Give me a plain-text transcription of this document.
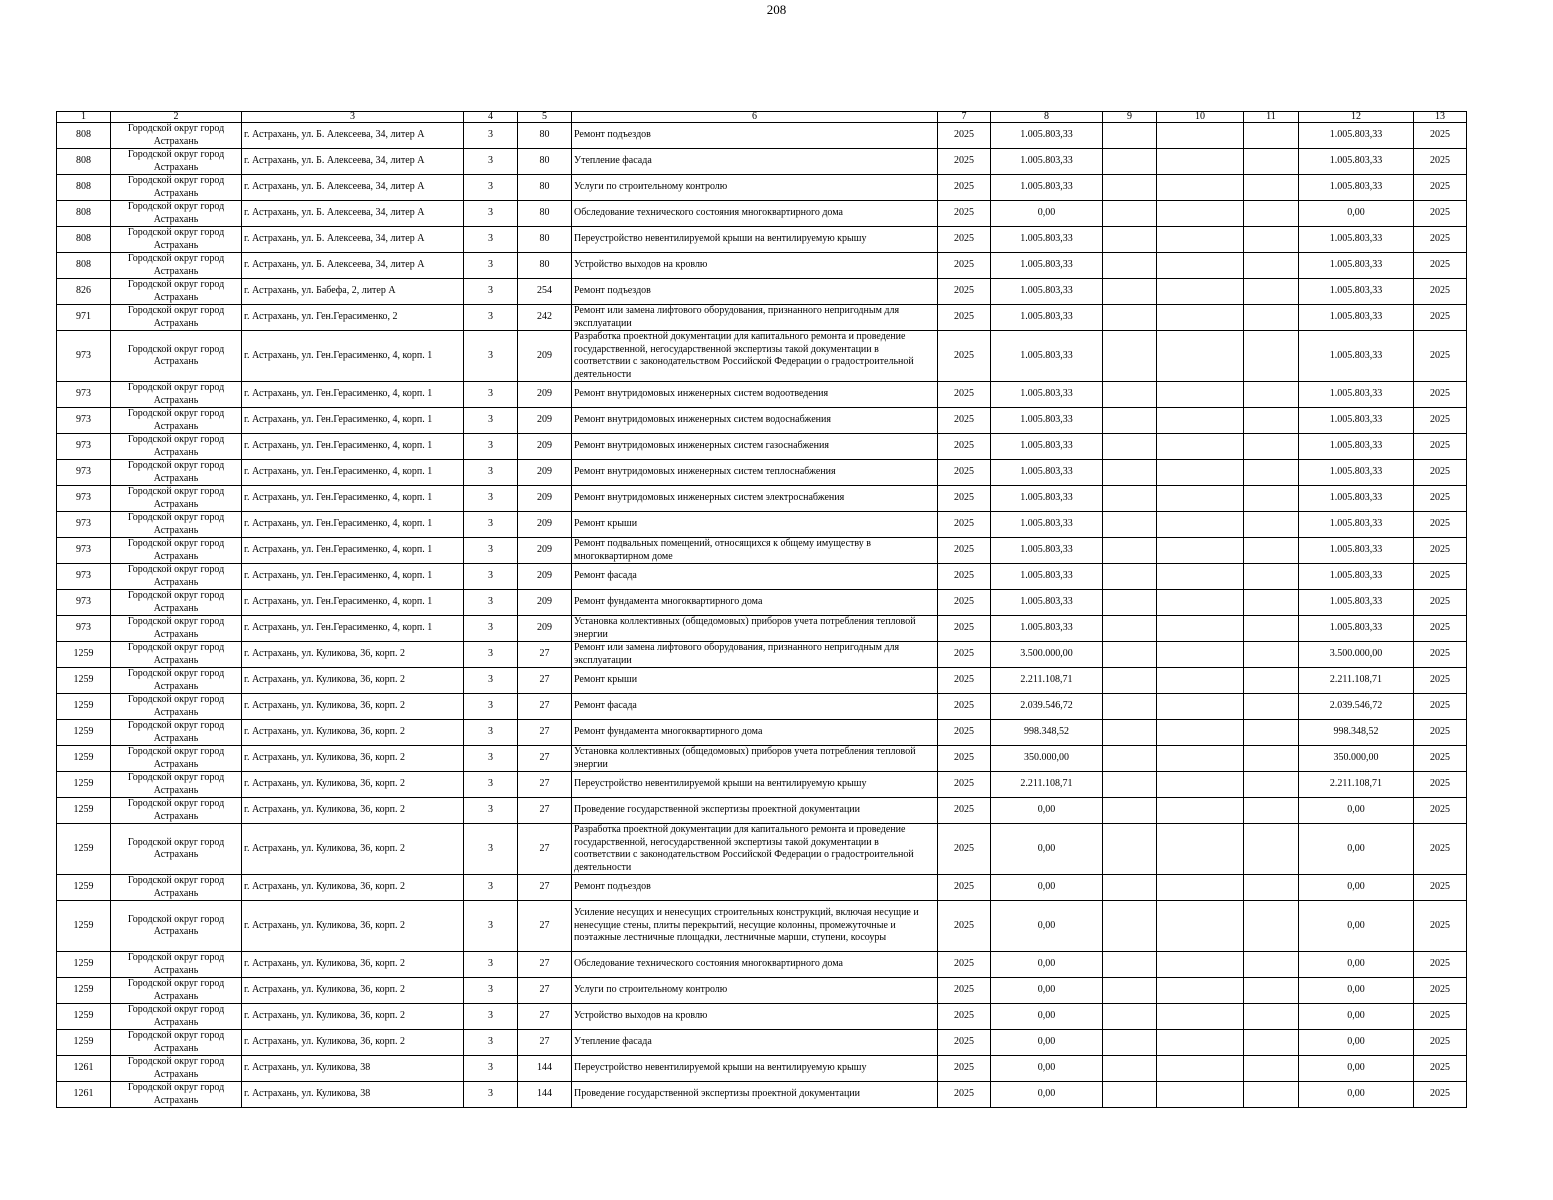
208
1	2	3	4	5	6	7	8	9	10	11	12	13
808	Городской округ город Астрахань	г. Астрахань, ул. Б. Алексеева, 34, литер А	3	80	Ремонт подъездов	2025	1.005.803,33				1.005.803,33	2025
808	Городской округ город Астрахань	г. Астрахань, ул. Б. Алексеева, 34, литер А	3	80	Утепление фасада	2025	1.005.803,33				1.005.803,33	2025
808	Городской округ город Астрахань	г. Астрахань, ул. Б. Алексеева, 34, литер А	3	80	Услуги по строительному контролю	2025	1.005.803,33				1.005.803,33	2025
808	Городской округ город Астрахань	г. Астрахань, ул. Б. Алексеева, 34, литер А	3	80	Обследование технического состояния многоквартирного дома	2025	0,00				0,00	2025
808	Городской округ город Астрахань	г. Астрахань, ул. Б. Алексеева, 34, литер А	3	80	Переустройство невентилируемой крыши на вентилируемую крышу	2025	1.005.803,33				1.005.803,33	2025
808	Городской округ город Астрахань	г. Астрахань, ул. Б. Алексеева, 34, литер А	3	80	Устройство выходов на кровлю	2025	1.005.803,33				1.005.803,33	2025
826	Городской округ город Астрахань	г. Астрахань, ул. Бабефа, 2, литер А	3	254	Ремонт подъездов	2025	1.005.803,33				1.005.803,33	2025
971	Городской округ город Астрахань	г. Астрахань, ул. Ген.Герасименко, 2	3	242	Ремонт или замена лифтового оборудования, признанного непригодным для эксплуатации	2025	1.005.803,33				1.005.803,33	2025
973	Городской округ город Астрахань	г. Астрахань, ул. Ген.Герасименко, 4, корп. 1	3	209	Разработка проектной документации для капитального ремонта и проведение государственной, негосударственной экспертизы такой документации в соответствии с законодательством Российской Федерации о градостроительной деятельности	2025	1.005.803,33				1.005.803,33	2025
973	Городской округ город Астрахань	г. Астрахань, ул. Ген.Герасименко, 4, корп. 1	3	209	Ремонт внутридомовых инженерных систем водоотведения	2025	1.005.803,33				1.005.803,33	2025
973	Городской округ город Астрахань	г. Астрахань, ул. Ген.Герасименко, 4, корп. 1	3	209	Ремонт внутридомовых инженерных систем водоснабжения	2025	1.005.803,33				1.005.803,33	2025
973	Городской округ город Астрахань	г. Астрахань, ул. Ген.Герасименко, 4, корп. 1	3	209	Ремонт внутридомовых инженерных систем газоснабжения	2025	1.005.803,33				1.005.803,33	2025
973	Городской округ город Астрахань	г. Астрахань, ул. Ген.Герасименко, 4, корп. 1	3	209	Ремонт внутридомовых инженерных систем теплоснабжения	2025	1.005.803,33				1.005.803,33	2025
973	Городской округ город Астрахань	г. Астрахань, ул. Ген.Герасименко, 4, корп. 1	3	209	Ремонт внутридомовых инженерных систем электроснабжения	2025	1.005.803,33				1.005.803,33	2025
973	Городской округ город Астрахань	г. Астрахань, ул. Ген.Герасименко, 4, корп. 1	3	209	Ремонт крыши	2025	1.005.803,33				1.005.803,33	2025
973	Городской округ город Астрахань	г. Астрахань, ул. Ген.Герасименко, 4, корп. 1	3	209	Ремонт подвальных помещений, относящихся к общему имуществу в многоквартирном доме	2025	1.005.803,33				1.005.803,33	2025
973	Городской округ город Астрахань	г. Астрахань, ул. Ген.Герасименко, 4, корп. 1	3	209	Ремонт фасада	2025	1.005.803,33				1.005.803,33	2025
973	Городской округ город Астрахань	г. Астрахань, ул. Ген.Герасименко, 4, корп. 1	3	209	Ремонт фундамента многоквартирного дома	2025	1.005.803,33				1.005.803,33	2025
973	Городской округ город Астрахань	г. Астрахань, ул. Ген.Герасименко, 4, корп. 1	3	209	Установка коллективных (общедомовых) приборов учета потребления тепловой энергии	2025	1.005.803,33				1.005.803,33	2025
1259	Городской округ город Астрахань	г. Астрахань, ул. Куликова, 36, корп. 2	3	27	Ремонт или замена лифтового оборудования, признанного непригодным для эксплуатации	2025	3.500.000,00				3.500.000,00	2025
1259	Городской округ город Астрахань	г. Астрахань, ул. Куликова, 36, корп. 2	3	27	Ремонт крыши	2025	2.211.108,71				2.211.108,71	2025
1259	Городской округ город Астрахань	г. Астрахань, ул. Куликова, 36, корп. 2	3	27	Ремонт фасада	2025	2.039.546,72				2.039.546,72	2025
1259	Городской округ город Астрахань	г. Астрахань, ул. Куликова, 36, корп. 2	3	27	Ремонт фундамента многоквартирного дома	2025	998.348,52				998.348,52	2025
1259	Городской округ город Астрахань	г. Астрахань, ул. Куликова, 36, корп. 2	3	27	Установка коллективных (общедомовых) приборов учета потребления тепловой энергии	2025	350.000,00				350.000,00	2025
1259	Городской округ город Астрахань	г. Астрахань, ул. Куликова, 36, корп. 2	3	27	Переустройство невентилируемой крыши на вентилируемую крышу	2025	2.211.108,71				2.211.108,71	2025
1259	Городской округ город Астрахань	г. Астрахань, ул. Куликова, 36, корп. 2	3	27	Проведение государственной экспертизы проектной документации	2025	0,00				0,00	2025
1259	Городской округ город Астрахань	г. Астрахань, ул. Куликова, 36, корп. 2	3	27	Разработка проектной документации для капитального ремонта и проведение государственной, негосударственной экспертизы такой документации в соответствии с законодательством Российской Федерации о градостроительной деятельности	2025	0,00				0,00	2025
1259	Городской округ город Астрахань	г. Астрахань, ул. Куликова, 36, корп. 2	3	27	Ремонт подъездов	2025	0,00				0,00	2025
1259	Городской округ город Астрахань	г. Астрахань, ул. Куликова, 36, корп. 2	3	27	Усиление несущих и ненесущих строительных конструкций, включая несущие и ненесущие стены, плиты перекрытий, несущие колонны, промежуточные и поэтажные лестничные площадки, лестничные марши, ступени, косоуры	2025	0,00				0,00	2025
1259	Городской округ город Астрахань	г. Астрахань, ул. Куликова, 36, корп. 2	3	27	Обследование технического состояния многоквартирного дома	2025	0,00				0,00	2025
1259	Городской округ город Астрахань	г. Астрахань, ул. Куликова, 36, корп. 2	3	27	Услуги по строительному контролю	2025	0,00				0,00	2025
1259	Городской округ город Астрахань	г. Астрахань, ул. Куликова, 36, корп. 2	3	27	Устройство выходов на кровлю	2025	0,00				0,00	2025
1259	Городской округ город Астрахань	г. Астрахань, ул. Куликова, 36, корп. 2	3	27	Утепление фасада	2025	0,00				0,00	2025
1261	Городской округ город Астрахань	г. Астрахань, ул. Куликова, 38	3	144	Переустройство невентилируемой крыши на вентилируемую крышу	2025	0,00				0,00	2025
1261	Городской округ город Астрахань	г. Астрахань, ул. Куликова, 38	3	144	Проведение государственной экспертизы проектной документации	2025	0,00				0,00	2025
